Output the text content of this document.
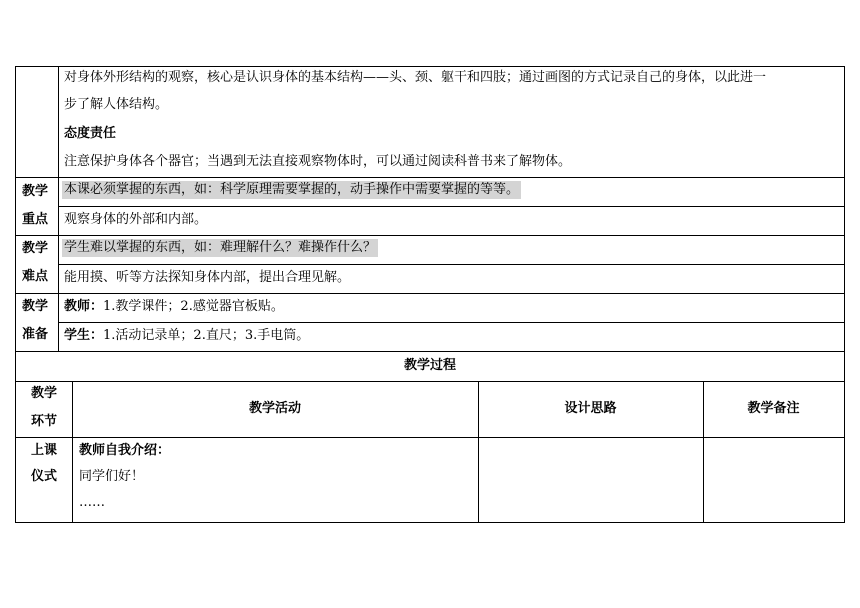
对身体外形结构的观察，核心是认识身体的基本结构——头、颈、躯干和四肢；通过画图的方式记录自己的身体，以此进一
步了解人体结构。
态度责任
注意保护身体各个器官；当遇到无法直接观察物体时，可以通过阅读科普书来了解物体。
教学
重点
本课必须掌握的东西，如：科学原理需要掌握的，动手操作中需要掌握的等等。
观察身体的外部和内部。
教学
难点
学生难以掌握的东西，如：难理解什么？难操作什么？
能用摸、听等方法探知身体内部，提出合理见解。
教学
准备
教师：1.教学课件；2.感觉器官板贴。
学生：1.活动记录单；2.直尺；3.手电筒。
教学过程
教学
环节
教学活动	设计思路	教学备注
上课
仪式
教师自我介绍：
同学们好！
……
